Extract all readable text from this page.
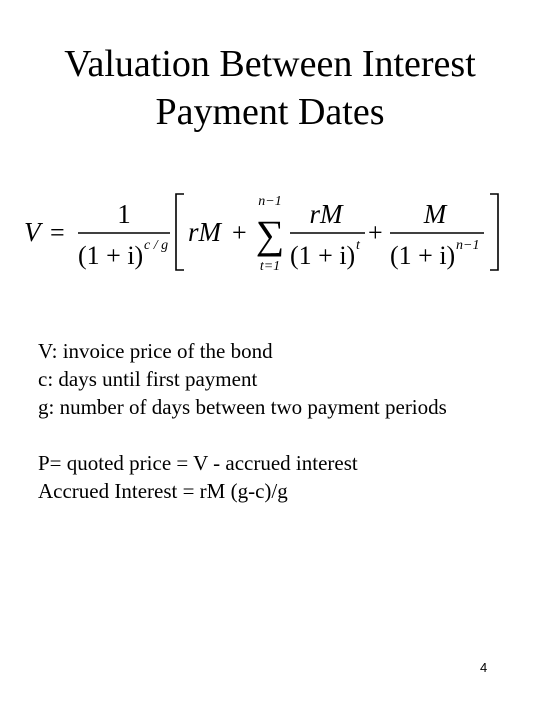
Valuation Between Interest
Payment Dates
V =
1
(1 + i) c / g rM +
n−1
∑
t=1
rM
(1 + i) t +
M
(1 + i) n−1
V: invoice price of the bond
c: days until first payment
g: number of days between two payment periods
P= quoted price = V - accrued interest
Accrued Interest = rM (g-c)/g
4
